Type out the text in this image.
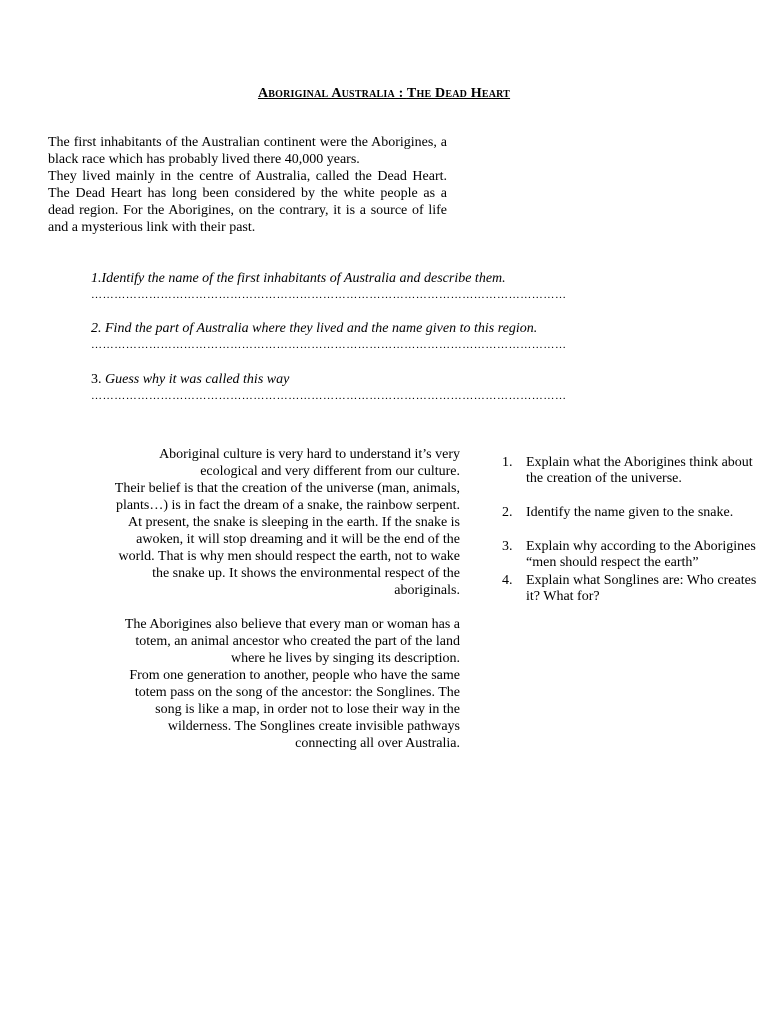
Aboriginal Australia : The Dead Heart

The first inhabitants of the Australian continent were the Aborigines, a black race which has probably lived there 40,000 years.

They lived mainly in the centre of Australia, called the Dead Heart. The Dead Heart has long been considered by the white people as a dead region. For the Aborigines, on the contrary, it is a source of life and a mysterious link with their past.

1.Identify the name of the first inhabitants of Australia and describe them.
……………………………………………………………………………………………………………
2. Find the part of Australia where they lived and the name given to this region.
……………………………………………………………………………………………………………
3. Guess why it was called this way
……………………………………………………………………………………………………………

Aboriginal culture is very hard to understand it’s very
ecological and very different from our culture.
Their belief is that the creation of the universe (man, animals,
plants…) is in fact the dream of a snake, the rainbow serpent.
At present, the snake is sleeping in the earth. If the snake is
awoken, it will stop dreaming and it will be the end of the
world. That is why men should respect the earth, not to wake
the snake up. It shows the environmental respect of the
aboriginals.

The Aborigines also believe that every man or woman has a
totem, an animal ancestor who created the part of the land
where he lives by singing its description.
From one generation to another, people who have the same
totem pass on the song of the ancestor: the Songlines. The
song is like a map, in order not to lose their way in the
wilderness. The Songlines create invisible pathways
connecting all over Australia.

1. Explain what the Aborigines think about the creation of the universe.
2. Identify the name given to the snake.
3. Explain why according to the Aborigines “men should respect the earth”
4. Explain what Songlines are: Who creates it? What for?
